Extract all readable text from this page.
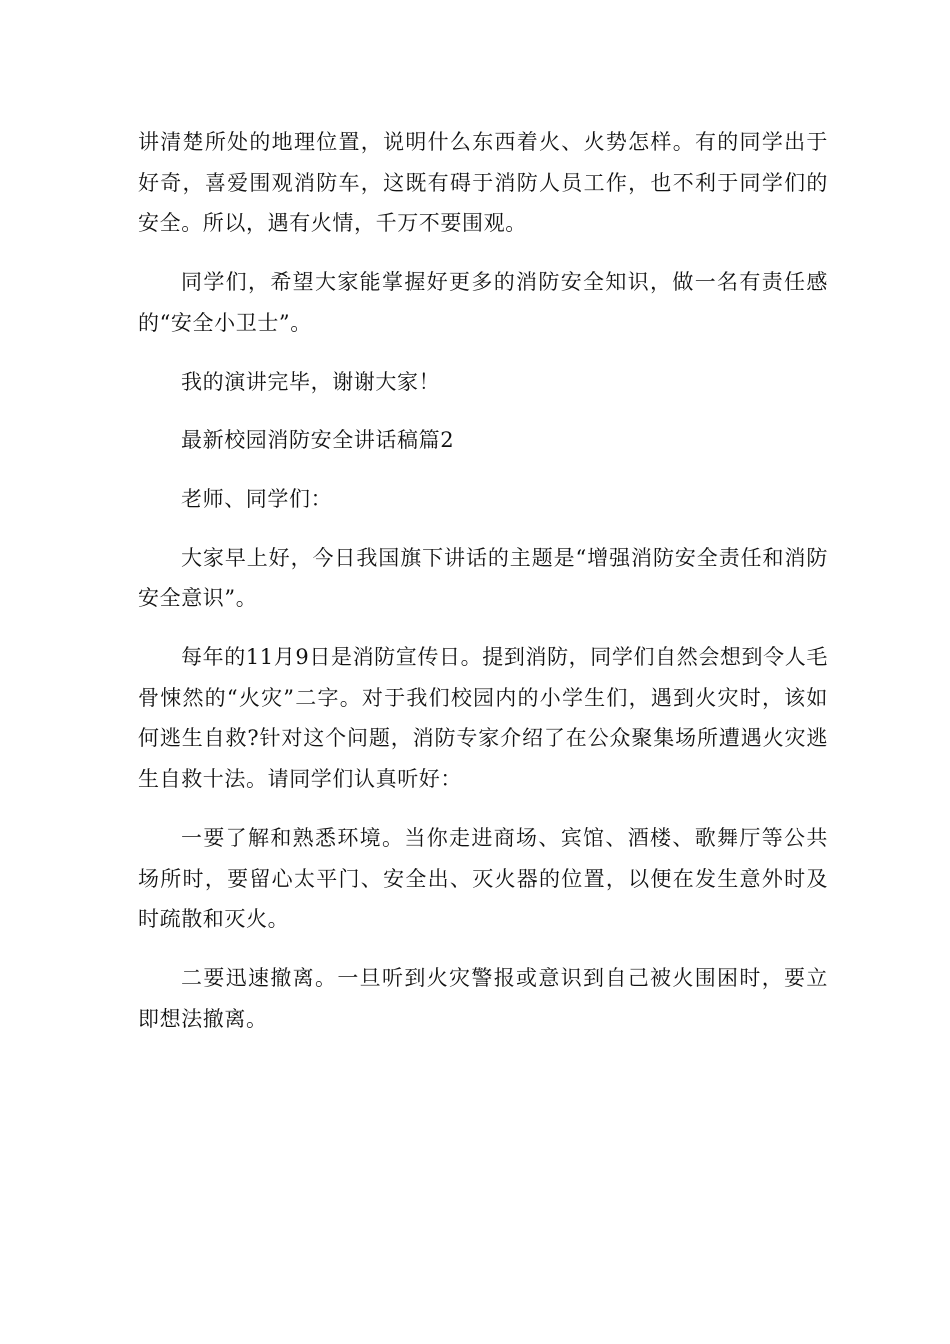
讲清楚所处的地理位置，说明什么东西着火、火势怎样。有的同学出于好奇，喜爱围观消防车，这既有碍于消防人员工作，也不利于同学们的安全。所以，遇有火情，千万不要围观。

同学们，希望大家能掌握好更多的消防安全知识，做一名有责任感的“安全小卫士”。

我的演讲完毕，谢谢大家！

最新校园消防安全讲话稿篇2

老师、同学们：

大家早上好，今日我国旗下讲话的主题是“增强消防安全责任和消防安全意识”。

每年的11月9日是消防宣传日。提到消防，同学们自然会想到令人毛骨悚然的“火灾”二字。对于我们校园内的小学生们，遇到火灾时，该如何逃生自救?针对这个问题，消防专家介绍了在公众聚集场所遭遇火灾逃生自救十法。请同学们认真听好：

一要了解和熟悉环境。当你走进商场、宾馆、酒楼、歌舞厅等公共场所时，要留心太平门、安全出、灭火器的位置，以便在发生意外时及时疏散和灭火。

二要迅速撤离。一旦听到火灾警报或意识到自己被火围困时，要立即想法撤离。
